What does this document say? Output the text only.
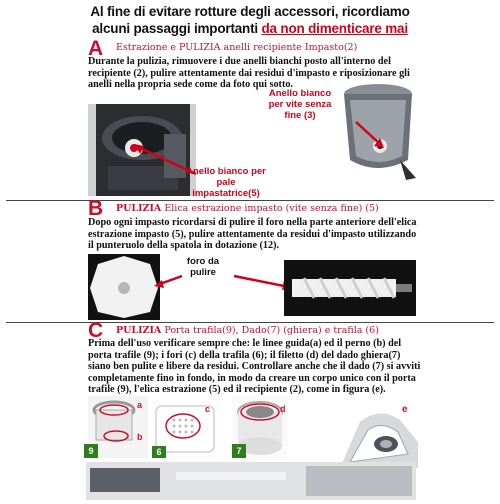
Al fine di evitare rotture degli accessori, ricordiamo
alcuni passaggi importanti da non dimenticare mai
A Estrazione e PULIZIA anelli recipiente Impasto(2)
Durante la pulizia, rimuovere i due anelli bianchi posto all'interno del recipiente (2), pulire attentamente dai residui d'impasto e riposizionare gli anelli nella propria sede come da foto qui sotto.
Anello bianco per pale impastatrice(5)
Anello bianco per vite senza fine (3)
B PULIZIA Elica estrazione impasto (vite senza fine) (5)
Dopo ogni impasto ricordarsi di pulire il foro nella parte anteriore dell'elica estrazione impasto (5), pulire attentamente da residui d'impasto utilizzando il punteruolo della spatola in dotazione (12).
foro da pulire
C PULIZIA Porta trafila(9), Dado(7) (ghiera) e trafila (6)
Prima dell'uso verificare sempre che: le linee guida(a) ed il perno (b) del porta trafile (9); i fori (c) della trafila (6); il filetto (d) del dado ghiera(7) siano ben pulite e libere da residui. Controllare anche che il dado (7) si avviti completamente fino in fondo, in modo da creare un corpo unico con il porta trafile (9), l'elica estrazione (5) ed il recipiente (2), come in figura (e).
9
a
b
6
c
7
d	e
